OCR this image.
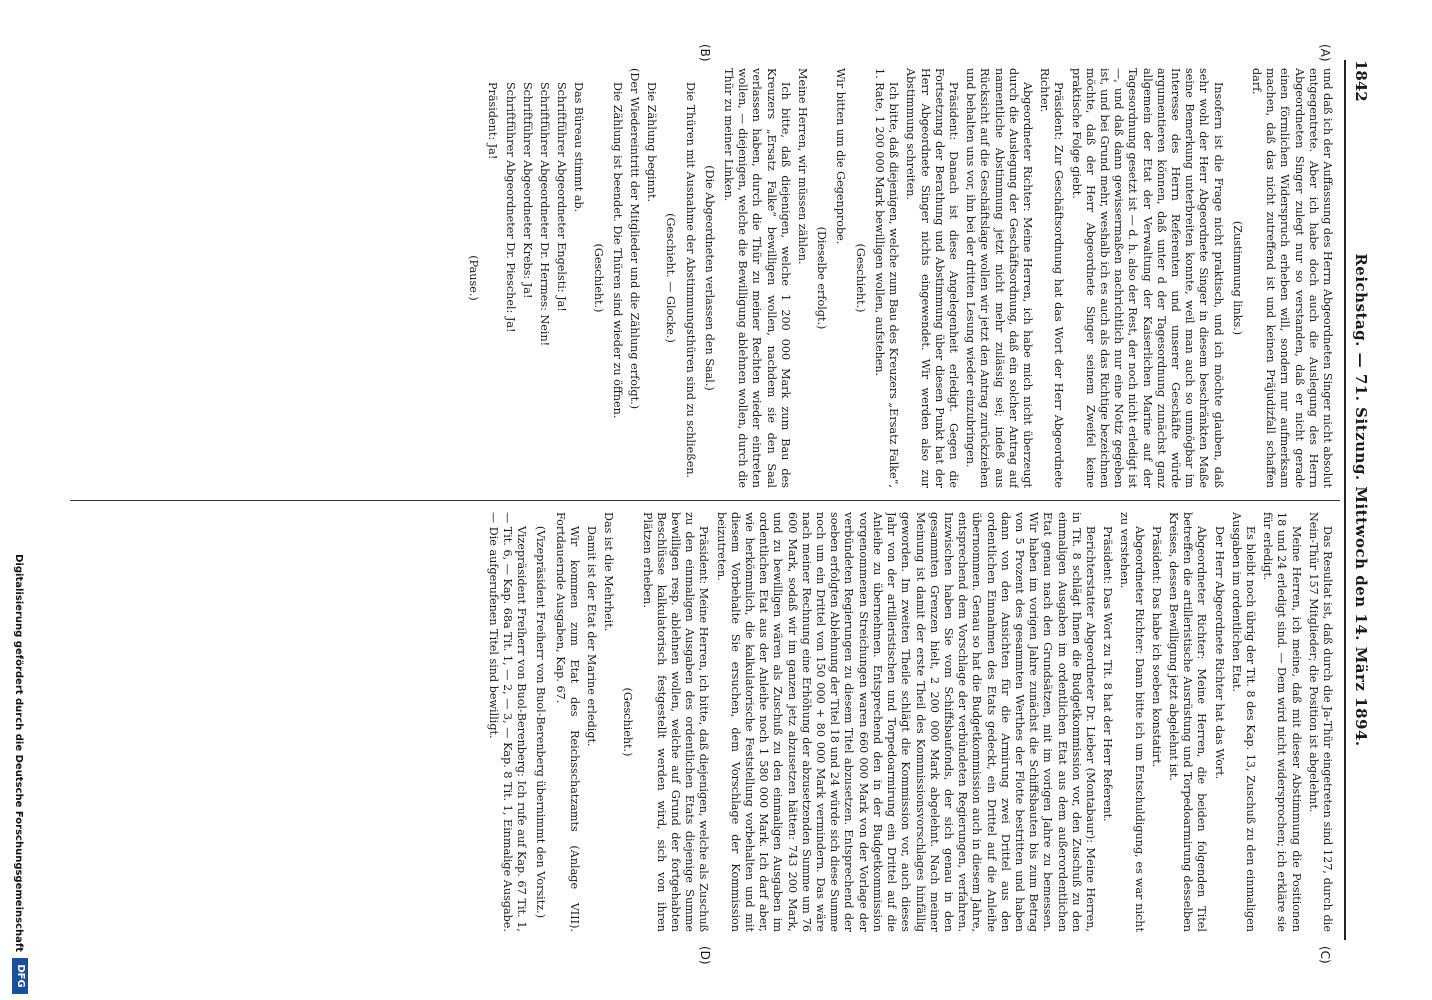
1842
Reichstag. — 71. Sitzung. Mittwoch den 14. März 1894.
(A)
(B)
(C)
(D)

und daß ich der Auffassung des Herrn Abgeordneten Singer nicht absolut entgegentrete. Aber ich habe doch auch die Auslegung des Herrn Abgeordneten Singer zulegt nur so verstanden, daß er nicht gerade einen förmlichen Widerspruch erheben will, sondern nur aufmerksam machen, daß das nicht zutreffend ist und keinen Präjudizfall schaffen darf.

(Zustimmung links.)

Insofern ist die Frage nicht praktisch, und ich möchte glauben, daß sehr wohl der Herr Abgeordnete Singer in diesem beschränkten Maße seine Bemerkung unterbreiten konnte, weil man auch so unmögbar im Interesse des Herrn Referenten und unserer Geschäfte würde argumentieren können, daß unter d der Tagesordnung zunächst ganz allgemein der Etat der Verwaltung der Kaiserlichen Marine auf der Tagesordnung gesetzt ist — d. h. also der Rest, der noch nicht erledigt ist —, und daß dann gewissermaßen nachrichtlich nur eine Notiz gegeben ist, und bei Grund mehr, weshalb ich es auch als das Richtige bezeichnen möchte, daß der Herr Abgeordnete Singer seinem Zweifel keine praktische Folge giebt.

Präsident: Zur Geschäftsordnung hat das Wort der Herr Abgeordnete Richter.

Abgeordneter Richter: Meine Herren, ich habe mich nicht überzeugt durch die Auslegung der Geschäftsordnung, daß ein solcher Antrag auf namentliche Abstimmung jetzt nicht mehr zulässig sei; indeß aus Rücksicht auf die Geschäftslage wollen wir jetzt den Antrag zurückziehen und behalten uns vor, ihn bei der dritten Lesung wieder einzubringen.

Präsident: Danach ist diese Angelegenheit erledigt. Gegen die Fortsetzung der Berathung und Abstimmung über diesen Punkt hat der Herr Abgeordnete Singer nichts eingewendet. Wir werden also zur Abstimmung schreiten.

Ich bitte, daß diejenigen, welche zum Bau des Kreuzers „Ersatz Falke“, 1. Rate, 1 200 000 Mark bewilligen wollen, aufstehen.

(Geschieht.)

Wir bitten um die Gegenprobe.

(Dieselbe erfolgt.)

Meine Herren, wir müssen zählen.

Ich bitte, daß diejenigen, welche 1 200 000 Mark zum Bau des Kreuzers „Ersatz Falke“ bewilligen wollen, nachdem sie den Saal verlassen haben, durch die Thür zu meiner Rechten wieder eintreten wollen, — diejenigen, welche die Bewilligung ablehnen wollen, durch die Thür zu meiner Linken.

(Die Abgeordneten verlassen den Saal.)

Die Thüren mit Ausnahme der Abstimmungsthüren sind zu schließen.

(Geschieht. — Glocke.)

Die Zählung beginnt.

(Der Wiedereintritt der Mitglieder und die Zählung erfolgt.)

Die Zählung ist beendet. Die Thüren sind wieder zu öffnen.

(Geschieht.)

Das Büreau stimmt ab.

Schriftführer Abgeordneter Engelsti: Ja!

Schriftführer Abgeordneter Dr. Hermes: Nein!

Schriftführer Abgeordneter Krebs: Ja!

Schriftführer Abgeordneter Dr. Pieschel: Ja!

Präsident: Ja!

(Pause.)

Das Resultat ist, daß durch die Ja-Thür eingetreten sind 127, durch die Nein-Thür 157 Mitglieder; die Position ist abgelehnt.

Meine Herren, ich meine, daß mit dieser Abstimmung die Positionen 18 und 24 erledigt sind. — Dem wird nicht widersprochen; ich erkläre sie für erledigt.

Es bleibt noch übrig der Tit. 8 des Kap. 13, Zuschuß zu den einmaligen Ausgaben im ordentlichen Etat.

Der Herr Abgeordnete Richter hat das Wort.

Abgeordneter Richter: Meine Herren, die beiden folgenden Titel betreffen die artilleristische Ausrüstung und Torpedoarmirung desselben Kreises, dessen Bewilligung jetzt abgelehnt ist.

Präsident: Das habe ich soeben konstatirt.

Abgeordneter Richter: Dann bitte ich um Entschuldigung, es war nicht zu verstehen.

Präsident: Das Wort zu Tit. 8 hat der Herr Referent.

Berichterstatter Abgeordneter Dr. Lieber (Montabaur): Meine Herren, in Tit. 8 schlägt Ihnen die Budgetkommission vor, den Zuschuß zu den einmaligen Ausgaben im ordentlichen Etat aus dem außerordentlichen Etat genau nach den Grundsätzen, mit im vorigen Jahre zu bemessen. Wir haben im vorigen Jahre zunächst die Schiffsbauten bis zum Betrag von 5 Prozent des gesammten Werthes der Flotte bestritten und haben dann von den Ansichten für die Armirung zwei Drittel aus den ordentlichen Einnahmen des Etats gedeckt, ein Drittel auf die Anleihe übernommen. Genau so hat die Budgetkommission auch in diesem Jahre, entsprechend dem Vorschlage der verbündeten Regierungen, verfahren. Inzwischen haben Sie vom Schiffsbaufonds, der sich genau in den gesammten Grenzen hielt, 2 200 000 Mark abgelehnt. Nach meiner Meinung ist damit der erste Theil des Kommissionsvorschlages hinfällig geworden. Im zweiten Theile schlägt die Kommission vor, auch dieses Jahr von der artilleristischen und Torpedoarmirung ein Drittel auf die Anleihe zu übernehmen. Entsprechend den in der Budgetkommission vorgenommenen Streichungen waren 660 000 Mark von der Vorlage der verbündeten Regierungen zu diesem Titel abzusetzen. Entsprechend der soeben erfolgten Ablehnung der Titel 18 und 24 würde sich diese Summe noch um ein Drittel von 150 000 + 80 000 Mark vermindern. Das wäre nach meiner Rechnung eine Erhöhung der abzusetzenden Summe um 76 600 Mark, sodaß wir im ganzen jetz abzusetzen hätten: 743 200 Mark, und zu bewilligen wären als Zuschuß zu den einmaligen Ausgaben im ordentlichen Etat aus der Anleihe noch 1 580 000 Mark. Ich darf aber, wie herkömmlich, die kalkulatorische Feststellung vorbehalten und mit diesem Vorbehalte Sie ersuchen, dem Vorschlage der Kommission beizutreten.

Präsident: Meine Herren, ich bitte, daß diejenigen, welche als Zuschuß zu den einmaligen Ausgaben des ordentlichen Etats diejenige Summe bewilligen resp. ablehnen wollen, welche auf Grund der fortgehabten Beschlüsse kalkulatorisch festgestellt werden wird, sich von ihren Plätzen erheben.

(Geschieht.)

Das ist die Mehrheit.

Damit ist der Etat der Marine erledigt.

Wir kommen zum Etat des Reichsschatzamts (Anlage VIII). Fortdauernde Ausgaben, Kap. 67.

(Vizepräsident Freiherr von Buol-Berenberg übernimmt den Vorsitz.)

Vizepräsident Freiherr von Buol-Berenberg: Ich rufe auf Kap. 67 Tit. 1, — Tit. 6, — Kap. 68a Tit. 1, — 2, — 3, — Kap. 8 Tit. 1, Einmalige Ausgabe. — Die aufgerufenen Titel sind bewilligt.

Digitalisierung gefördert durch die Deutsche Forschungsgemeinschaft
DFG
